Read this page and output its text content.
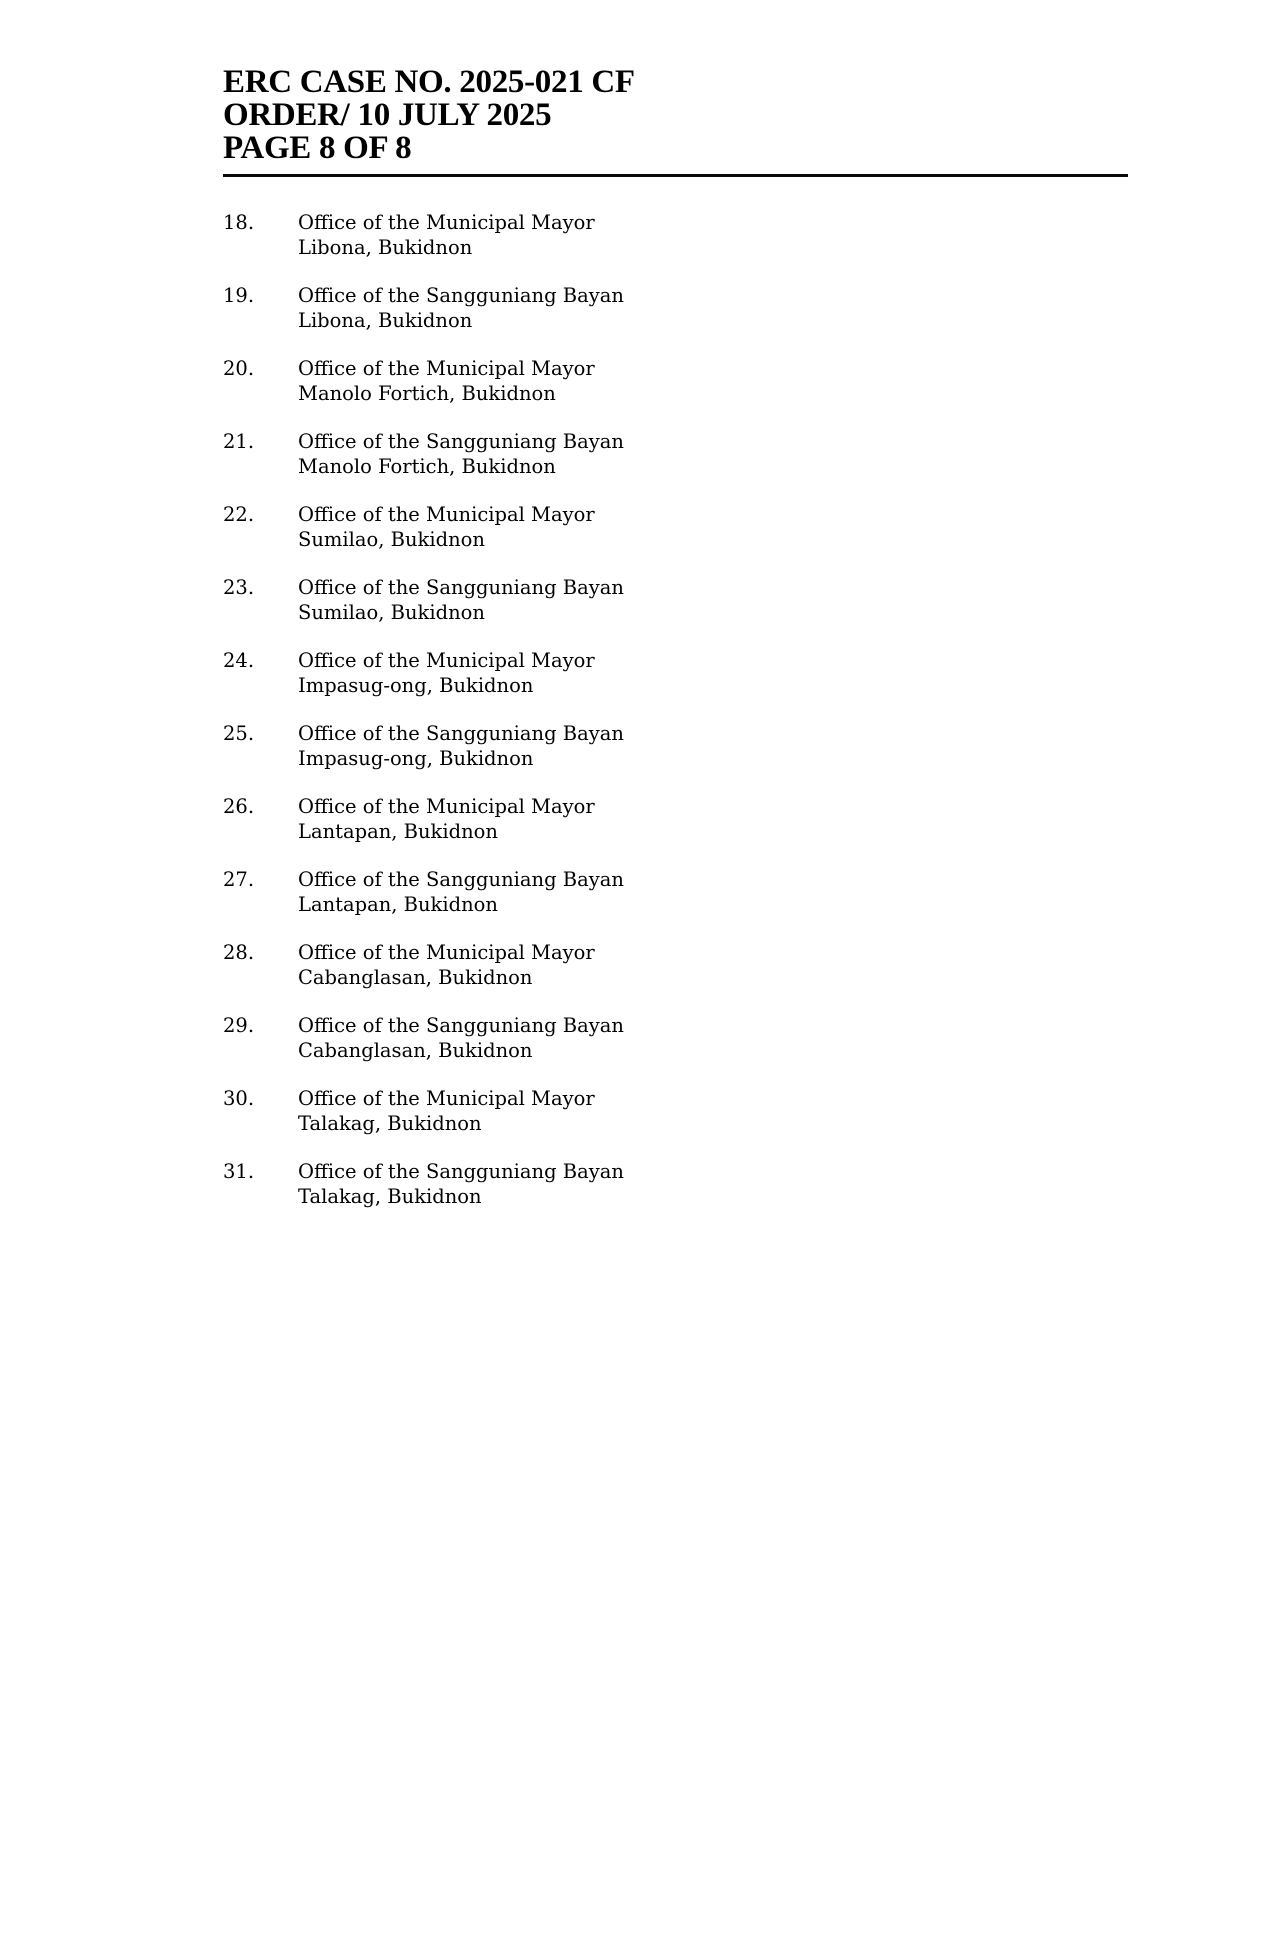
ERC CASE NO. 2025-021 CF
ORDER/ 10 JULY 2025
PAGE 8 OF 8
18.	Office of the Municipal Mayor
Libona, Bukidnon
19.	Office of the Sangguniang Bayan
Libona, Bukidnon
20.	Office of the Municipal Mayor
Manolo Fortich, Bukidnon
21.	Office of the Sangguniang Bayan
Manolo Fortich, Bukidnon
22.	Office of the Municipal Mayor
Sumilao, Bukidnon
23.	Office of the Sangguniang Bayan
Sumilao, Bukidnon
24.	Office of the Municipal Mayor
Impasug-ong, Bukidnon
25.	Office of the Sangguniang Bayan
Impasug-ong, Bukidnon
26.	Office of the Municipal Mayor
Lantapan, Bukidnon
27.	Office of the Sangguniang Bayan
Lantapan, Bukidnon
28.	Office of the Municipal Mayor
Cabanglasan, Bukidnon
29.	Office of the Sangguniang Bayan
Cabanglasan, Bukidnon
30.	Office of the Municipal Mayor
Talakag, Bukidnon
31.	Office of the Sangguniang Bayan
Talakag, Bukidnon
